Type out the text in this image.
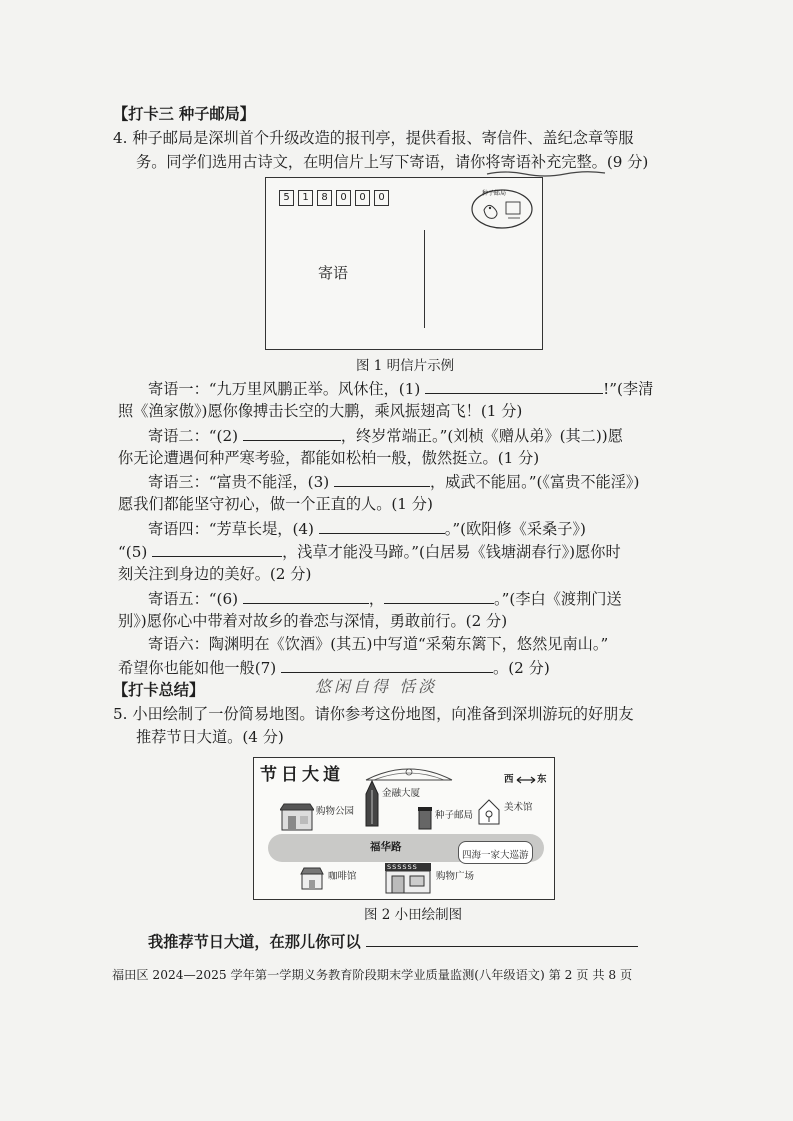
【打卡三 种子邮局】
4. 种子邮局是深圳首个升级改造的报刊亭，提供看报、寄信件、盖纪念章等服
务。同学们选用古诗文，在明信片上写下寄语，请你将寄语补充完整。(9 分)
5	1	8	0	0	0	种子邮局
寄语
图 1 明信片示例
寄语一：“九万里风鹏正举。风休住，(1)	!”(李清
照《渔家傲》)愿你像搏击长空的大鹏，乘风振翅高飞！(1 分)
寄语二：“(2)	，终岁常端正。”(刘桢《赠从弟》(其二))愿
你无论遭遇何种严寒考验，都能如松柏一般，傲然挺立。(1 分)
寄语三：“富贵不能淫，(3)	，威武不能屈。”(《富贵不能淫》)
愿我们都能坚守初心，做一个正直的人。(1 分)
寄语四：“芳草长堤，(4)	。”(欧阳修《采桑子》)
“(5)	，浅草才能没马蹄。”(白居易《钱塘湖春行》)愿你时
刻关注到身边的美好。(2 分)
寄语五：“(6)	，	。”(李白《渡荆门送
别》)愿你心中带着对故乡的眷恋与深情，勇敢前行。(2 分)
寄语六：陶渊明在《饮酒》(其五)中写道“采菊东篱下，悠然见南山。”
希望你也能如他一般(7)	。(2 分)
悠闲自得 恬淡
【打卡总结】
5. 小田绘制了一份简易地图。请你参考这份地图，向准备到深圳游玩的好朋友
推荐节日大道。(4 分)
节日大道	西 东
购物公园
金融大厦
种子邮局
美术馆
福华路
四海一家大巡游
咖啡馆
SSSSSS
购物广场
图 2 小田绘制图
我推荐节日大道，在那儿你可以
福田区 2024—2025 学年第一学期义务教育阶段期末学业质量监测(八年级语文) 第 2 页 共 8 页
